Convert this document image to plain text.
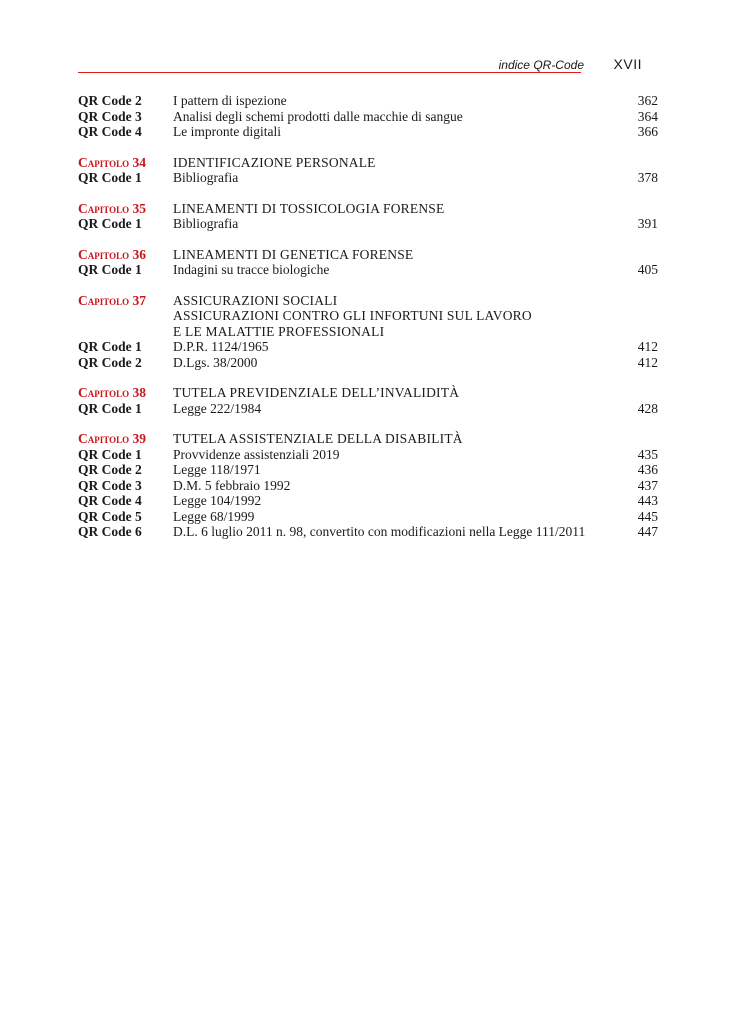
indice QR-Code XVII
QR Code 2	I pattern di ispezione	362
QR Code 3	Analisi degli schemi prodotti dalle macchie di sangue	364
QR Code 4	Le impronte digitali	366
Capitolo 34	IDENTIFICAZIONE PERSONALE
QR Code 1	Bibliografia	378
Capitolo 35	LINEAMENTI DI TOSSICOLOGIA FORENSE
QR Code 1	Bibliografia	391
Capitolo 36	LINEAMENTI DI GENETICA FORENSE
QR Code 1	Indagini su tracce biologiche	405
Capitolo 37	ASSICURAZIONI SOCIALI
ASSICURAZIONI CONTRO GLI INFORTUNI SUL LAVORO
E LE MALATTIE PROFESSIONALI
QR Code 1	D.P.R. 1124/1965	412
QR Code 2	D.Lgs. 38/2000	412
Capitolo 38	TUTELA PREVIDENZIALE DELL’INVALIDITÀ
QR Code 1	Legge 222/1984	428
Capitolo 39	TUTELA ASSISTENZIALE DELLA DISABILITÀ
QR Code 1	Provvidenze assistenziali 2019	435
QR Code 2	Legge 118/1971	436
QR Code 3	D.M. 5 febbraio 1992	437
QR Code 4	Legge 104/1992	443
QR Code 5	Legge 68/1999	445
QR Code 6	D.L. 6 luglio 2011 n. 98, convertito con modificazioni nella Legge 111/2011	447
